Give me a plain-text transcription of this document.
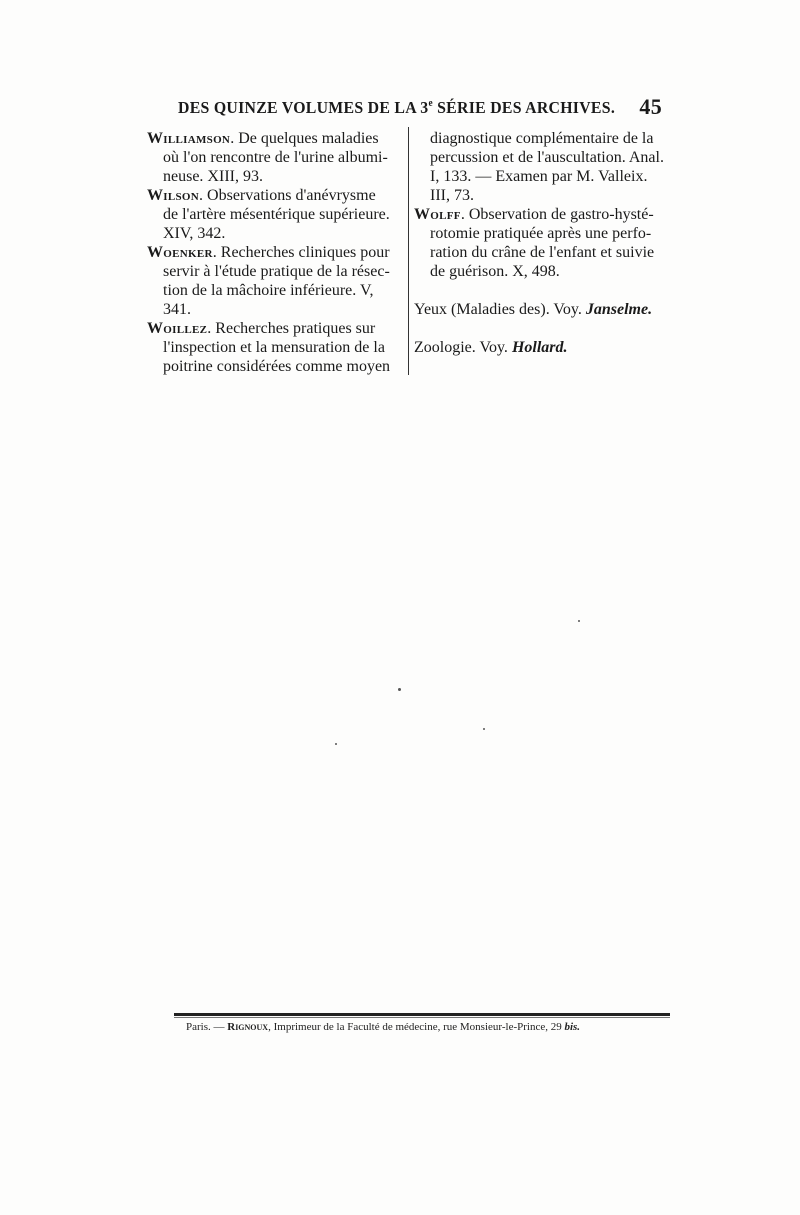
DES QUINZE VOLUMES DE LA 3e SÉRIE DES ARCHIVES. 45

Williamson. De quelques maladies
où l'on rencontre de l'urine albumi-
neuse. XIII, 93.

Wilson. Observations d'anévrysme
de l'artère mésentérique supérieure.
XIV, 342.

Woenker. Recherches cliniques pour
servir à l'étude pratique de la résec-
tion de la mâchoire inférieure. V,
341.

Woillez. Recherches pratiques sur
l'inspection et la mensuration de la
poitrine considérées comme moyen

diagnostique complémentaire de la
percussion et de l'auscultation. Anal.
I, 133. — Examen par M. Valleix.
III, 73.

Wolff. Observation de gastro-hysté-
rotomie pratiquée après une perfo-
ration du crâne de l'enfant et suivie
de guérison. X, 498.

Yeux (Maladies des). Voy. Janselme.

Zoologie. Voy. Hollard.

Paris. — Rignoux, Imprimeur de la Faculté de médecine, rue Monsieur-le-Prince, 29 bis.
